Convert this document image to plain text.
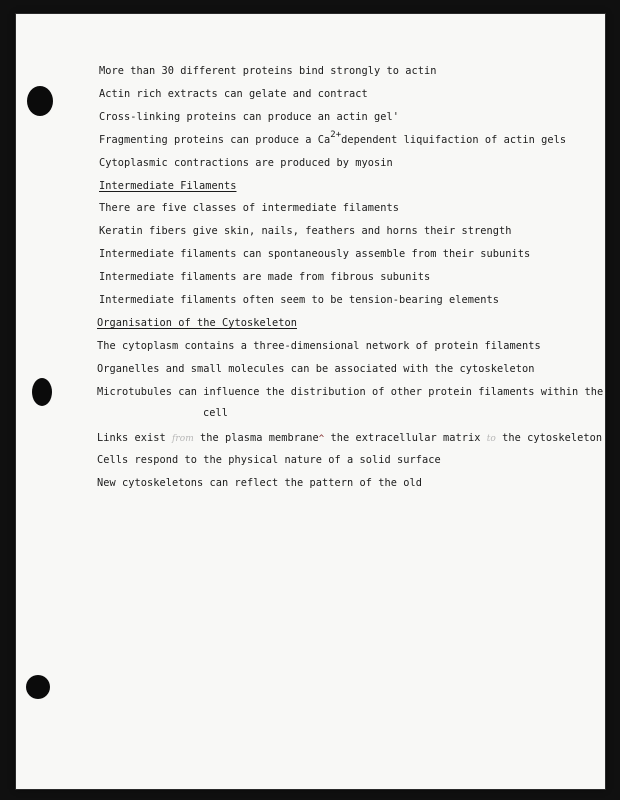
More than 30 different proteins bind strongly to actin
Actin rich extracts can gelate and contract
Cross-linking proteins can produce an actin gel'
Fragmenting proteins can produce a Ca2+dependent liquifaction of actin gels
Cytoplasmic contractions are produced by myosin
Intermediate Filaments
There are five classes of intermediate filaments
Keratin fibers give skin, nails, feathers and horns their strength
Intermediate filaments can spontaneously assemble from their subunits
Intermediate filaments are made from fibrous subunits
Intermediate filaments often seem to be tension-bearing elements
Organisation of the Cytoskeleton
The cytoplasm contains a three-dimensional network of protein filaments
Organelles and small molecules can be associated with the cytoskeleton
Microtubules can influence the distribution of other protein filaments within the
cell
Links exist from the plasma membrane^ the extracellular matrix to the cytoskeleton
Cells respond to the physical nature of a solid surface
New cytoskeletons can reflect the pattern of the old
